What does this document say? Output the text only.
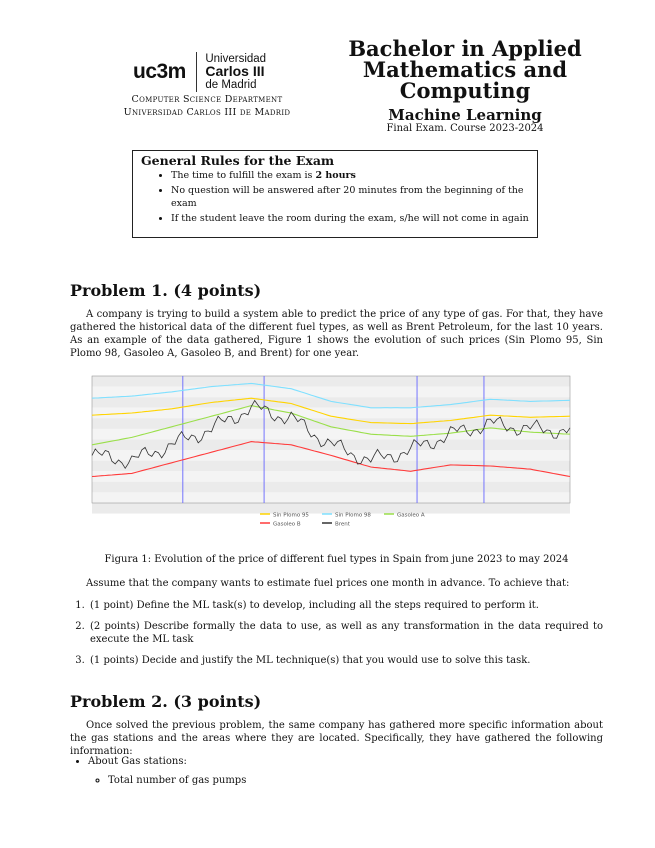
uc3m
Universidad
Carlos III
de Madrid
Computer Science Department
Universidad Carlos III de Madrid
Bachelor in Applied
Mathematics and
Computing
Machine Learning
Final Exam. Course 2023-2024
General Rules for the Exam
• The time to fulfill the exam is 2 hours
• No question will be answered after 20 minutes from the beginning of the exam
• If the student leave the room during the exam, s/he will not come in again
Problem 1. (4 points)
A company is trying to build a system able to predict the price of any type of gas. For that, they have gathered the historical data of the different fuel types, as well as Brent Petroleum, for the last 10 years. As an example of the data gathered, Figure 1 shows the evolution of such prices (Sin Plomo 95, Sin Plomo 98, Gasoleo A, Gasoleo B, and Brent) for one year.
Sin Plomo 95	Sin Plomo 98	Gasoleo A
Gasoleo B	Brent
Figura 1: Evolution of the price of different fuel types in Spain from june 2023 to may 2024
Assume that the company wants to estimate fuel prices one month in advance. To achieve that:
1. (1 point) Define the ML task(s) to develop, including all the steps required to perform it.
2. (2 points) Describe formally the data to use, as well as any transformation in the data required to execute the ML task
3. (1 points) Decide and justify the ML technique(s) that you would use to solve this task.
Problem 2. (3 points)
Once solved the previous problem, the same company has gathered more specific information about the gas stations and the areas where they are located. Specifically, they have gathered the following information:
• About Gas stations:
◦ Total number of gas pumps
